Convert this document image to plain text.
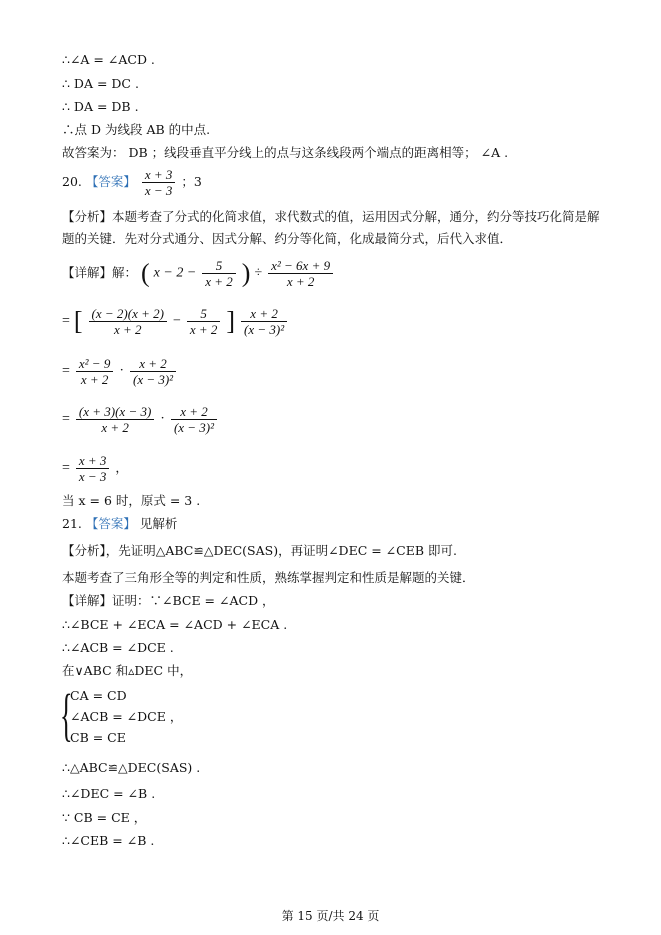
∴∠A = ∠ACD .
∴ DA = DC .
∴ DA = DB .
∴点 D 为线段 AB 的中点.
故答案为： DB ；线段垂直平分线上的点与这条线段两个端点的距离相等； ∠A .
20. 【答案】 $\frac{x + 3}{x - 3}$ ；3
【分析】本题考查了分式的化简求值，求代数式的值，运用因式分解，通分，约分等技巧化简是解题的关键．先对分式通分、因式分解、约分等化简，化成最简分式，后代入求值．
【详解】解： ( $x - 2 - \frac{5}{x + 2}$ ) ÷ $\frac{\text{x² − 6x + 9}}{x + 2}$
= [ $\frac{(x - 2)(x + 2)}{x + 2} - \frac{5}{x + 2}$ ] $\frac{x + 2}{\text{(x − 3)²}}$
= $\frac{\text{x² − 9}}{x + 2} \cdot \frac{x + 2}{\text{(x − 3)²}}$
= $\frac{(x + 3)(x - 3)}{x + 2} \cdot \frac{x + 2}{\text{(x − 3)²}}$
= $\frac{x + 3}{x - 3}$ ，
当 x = 6 时，原式 = 3 .
21. 【答案】 见解析
【分析】，先证明△ABC≌△DEC(SAS)，再证明∠DEC = ∠CEB 即可.
本题考查了三角形全等的判定和性质，熟练掌握判定和性质是解题的关键．
【详解】证明：∵∠BCE = ∠ACD ，
∴∠BCE + ∠ECA = ∠ACD + ∠ECA .
∴∠ACB = ∠DCE .
在∨ABC 和▵DEC 中，
{
CA = CD
∠ACB = ∠DCE ，
CB = CE
∴△ABC≌△DEC(SAS) .
∴∠DEC = ∠B .
∵ CB = CE ，
∴∠CEB = ∠B .
第 15 页/共 24 页
